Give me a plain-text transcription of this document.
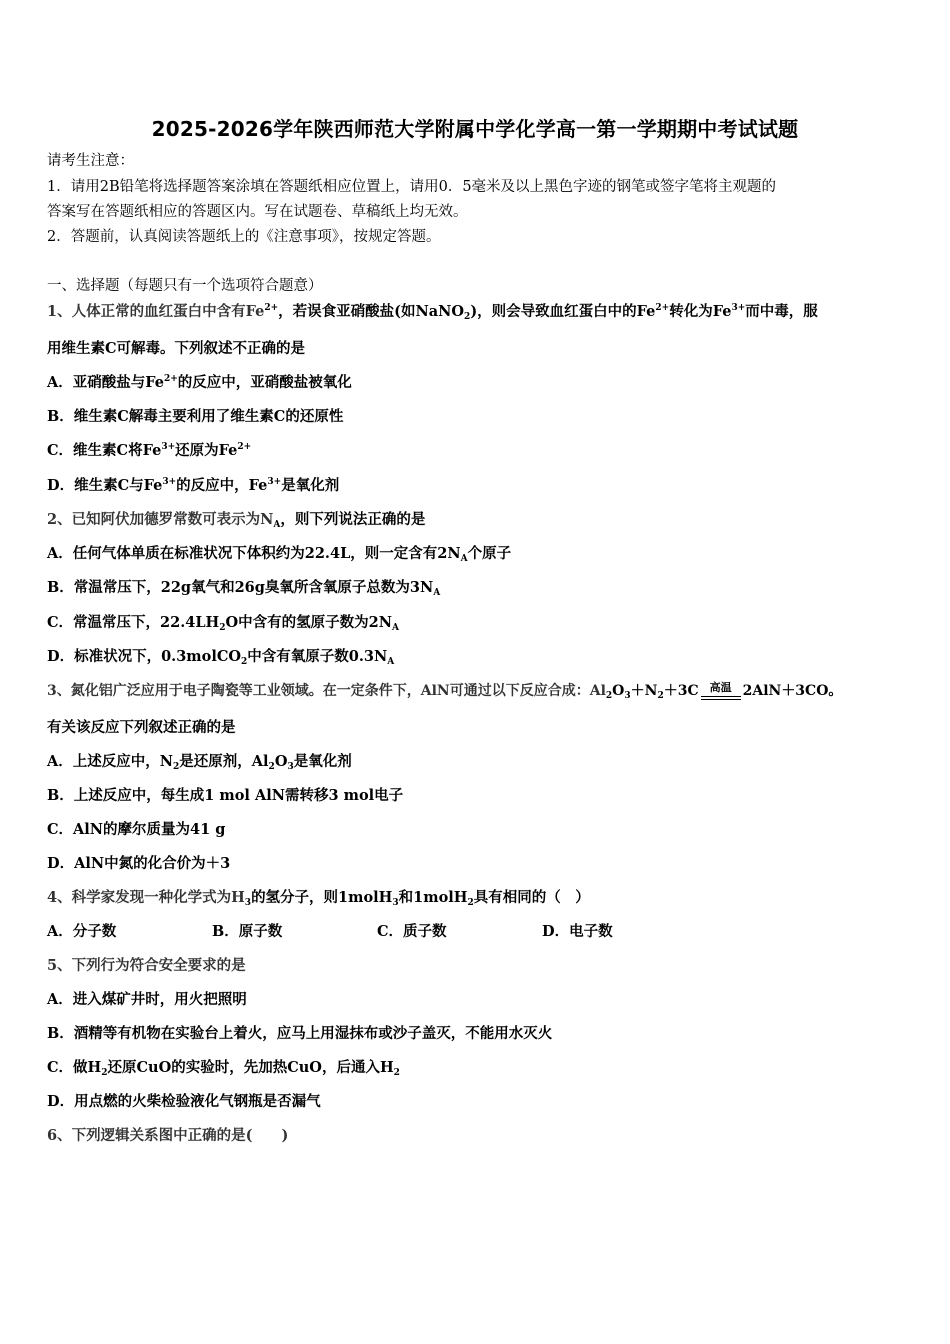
2025-2026学年陕西师范大学附属中学化学高一第一学期期中考试试题
请考生注意：
1．请用2B铅笔将选择题答案涂填在答题纸相应位置上，请用0．5毫米及以上黑色字迹的钢笔或签字笔将主观题的
答案写在答题纸相应的答题区内。写在试题卷、草稿纸上均无效。
2．答题前，认真阅读答题纸上的《注意事项》，按规定答题。
一、选择题（每题只有一个选项符合题意）
1、人体正常的血红蛋白中含有$Fe^{2+}$，若误食亚硝酸盐(如NaNO$_2$)，则会导致血红蛋白中的$Fe^{2+}$转化为$Fe^{3+}$而中毒，服
用维生素C可解毒。下列叙述不正确的是
A．亚硝酸盐与$Fe^{2+}$的反应中，亚硝酸盐被氧化
B．维生素C解毒主要利用了维生素C的还原性
C．维生素C将$Fe^{3+}$还原为$Fe^{2+}$
D．维生素C与$Fe^{3+}$的反应中，$Fe^{3+}$是氧化剂
2、已知阿伏加德罗常数可表示为$N_A$，则下列说法正确的是
A．任何气体单质在标准状况下体积约为22.4L，则一定含有$2N_A$个原子
B．常温常压下，22g氧气和26g臭氧所含氧原子总数为$3N_A$
C．常温常压下，$22.4LH_2O$中含有的氢原子数为$2N_A$
D．标准状况下，0.3molCO$_2$中含有氧原子数$0.3N_A$
3、氮化铝广泛应用于电子陶瓷等工业领域。在一定条件下，AlN可通过以下反应合成：$Al_2O_3+N_2+3C$	高温 2AlN＋3CO。
有关该反应下列叙述正确的是
A．上述反应中，$N_2$是还原剂，$Al_2O_3$是氧化剂
B．上述反应中，每生成1 mol AlN需转移3 mol电子
C．AlN的摩尔质量为41 g
D．AlN中氮的化合价为＋3
4、科学家发现一种化学式为$H_3$的氢分子，则1molH$_3$和1molH$_2$具有相同的（　）
A．分子数	B．原子数	C．质子数	D．电子数
5、下列行为符合安全要求的是
A．进入煤矿井时，用火把照明
B．酒精等有机物在实验台上着火，应马上用湿抹布或沙子盖灭，不能用水灭火
C．做$H_2$还原CuO的实验时，先加热CuO，后通入$H_2$
D．用点燃的火柴检验液化气钢瓶是否漏气
6、下列逻辑关系图中正确的是(　　)
